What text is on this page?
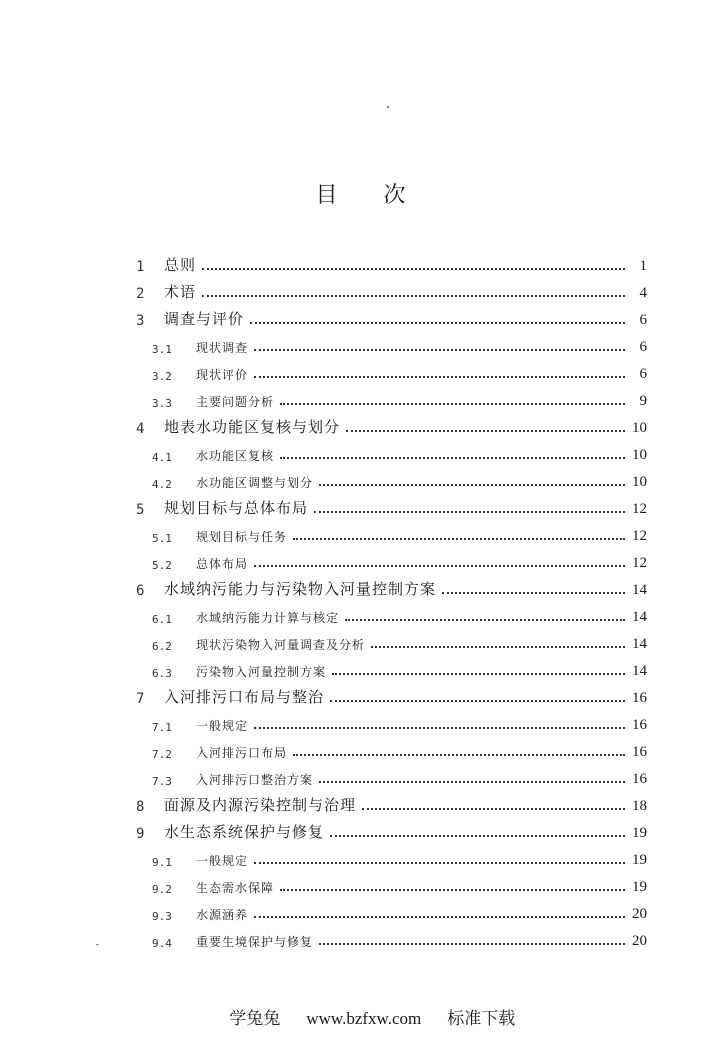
目 次
1	总则	1
2	术语	4
3	调查与评价	6
3.1	现状调查	6
3.2	现状评价	6
3.3	主要问题分析	9
4	地表水功能区复核与划分	10
4.1	水功能区复核	10
4.2	水功能区调整与划分	10
5	规划目标与总体布局	12
5.1	规划目标与任务	12
5.2	总体布局	12
6	水域纳污能力与污染物入河量控制方案	14
6.1	水域纳污能力计算与核定	14
6.2	现状污染物入河量调查及分析	14
6.3	污染物入河量控制方案	14
7	入河排污口布局与整治	16
7.1	一般规定	16
7.2	入河排污口布局	16
7.3	入河排污口整治方案	16
8	面源及内源污染控制与治理	18
9	水生态系统保护与修复	19
9.1	一般规定	19
9.2	生态需水保障	19
9.3	水源涵养	20
9.4	重要生境保护与修复	20

学兔兔 www.bzfxw.com 标准下载
